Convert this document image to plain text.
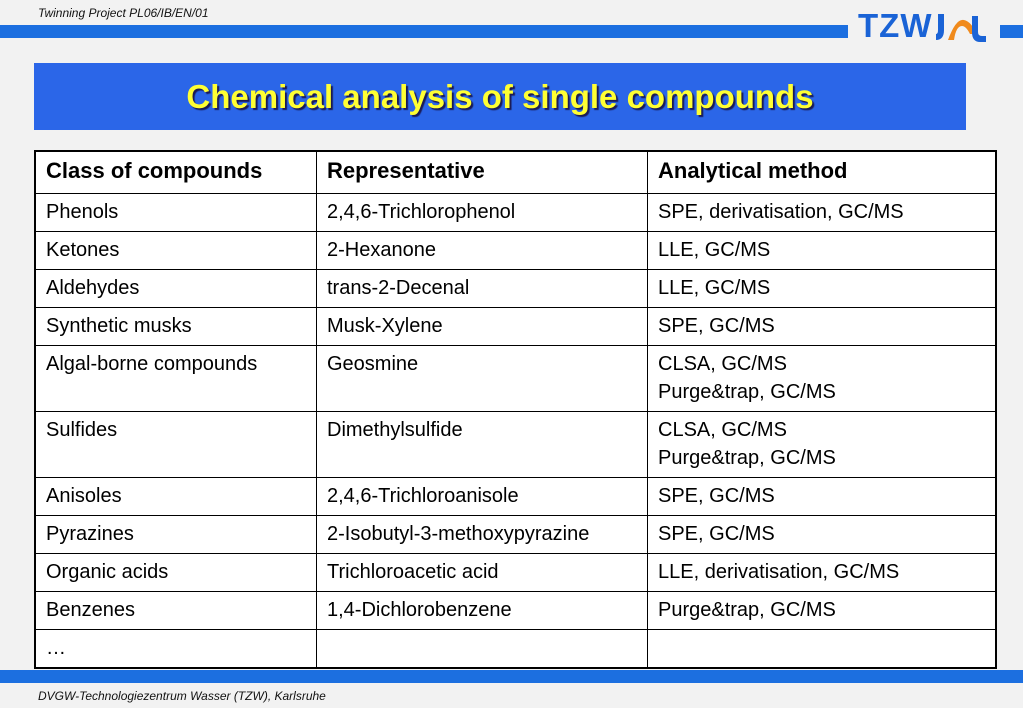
Twinning Project PL06/IB/EN/01	TZW
Chemical analysis of single compounds
Class of compounds	Representative	Analytical method
Phenols	2,4,6-Trichlorophenol	SPE, derivatisation, GC/MS
Ketones	2-Hexanone	LLE, GC/MS
Aldehydes	trans-2-Decenal	LLE, GC/MS
Synthetic musks	Musk-Xylene	SPE, GC/MS
Algal-borne compounds	Geosmine	CLSA, GC/MS
Purge&trap, GC/MS

Sulfides	Dimethylsulfide	CLSA, GC/MS
Purge&trap, GC/MS

Anisoles	2,4,6-Trichloroanisole	SPE, GC/MS
Pyrazines	2-Isobutyl-3-methoxypyrazine	SPE, GC/MS
Organic acids	Trichloroacetic acid	LLE, derivatisation, GC/MS
Benzenes	1,4-Dichlorobenzene	Purge&trap, GC/MS
…		
DVGW-Technologiezentrum Wasser (TZW), Karlsruhe
